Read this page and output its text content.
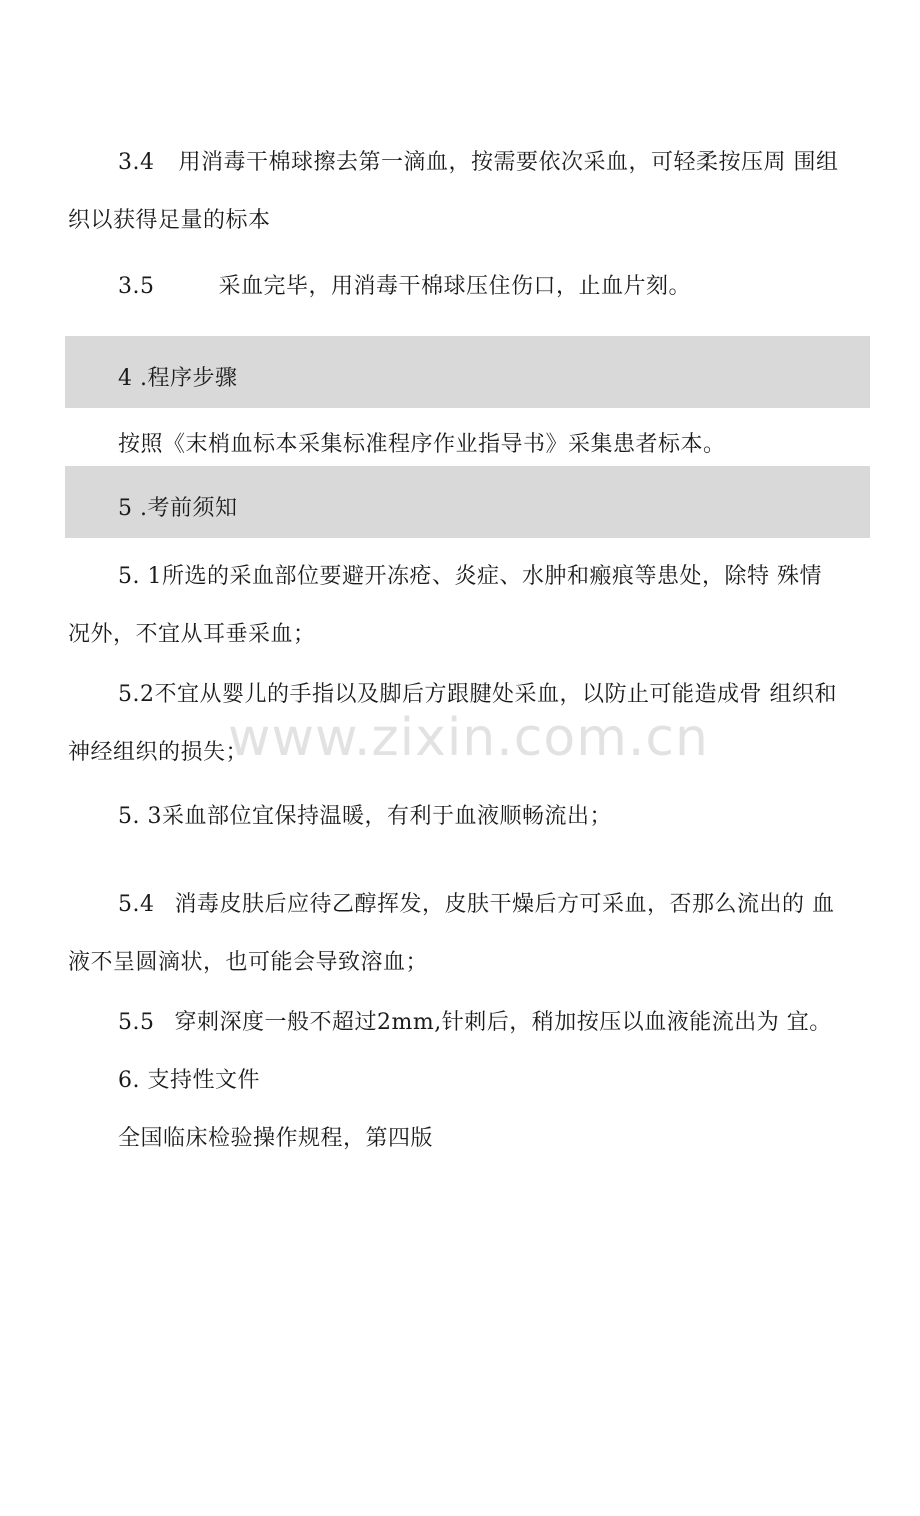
3.4 用消毒干棉球擦去第一滴血，按需要依次采血，可轻柔按压周 围组
织以获得足量的标本
3.5	采血完毕，用消毒干棉球压住伤口，止血片刻。
4 .程序步骤
按照《末梢血标本采集标准程序作业指导书》采集患者标本。
5 .考前须知
5. 1所选的采血部位要避开冻疮、炎症、水肿和瘢痕等患处，除特 殊情
况外，不宜从耳垂采血；
5.2不宜从婴儿的手指以及脚后方跟腱处采血，以防止可能造成骨 组织和
神经组织的损失；
5. 3采血部位宜保持温暖，有利于血液顺畅流出；
5.4 消毒皮肤后应待乙醇挥发，皮肤干燥后方可采血，否那么流出的 血
液不呈圆滴状，也可能会导致溶血；
5.5 穿刺深度一般不超过2mm,针刺后，稍加按压以血液能流出为 宜。
6. 支持性文件
全国临床检验操作规程，第四版
www.zixin.com.cn
